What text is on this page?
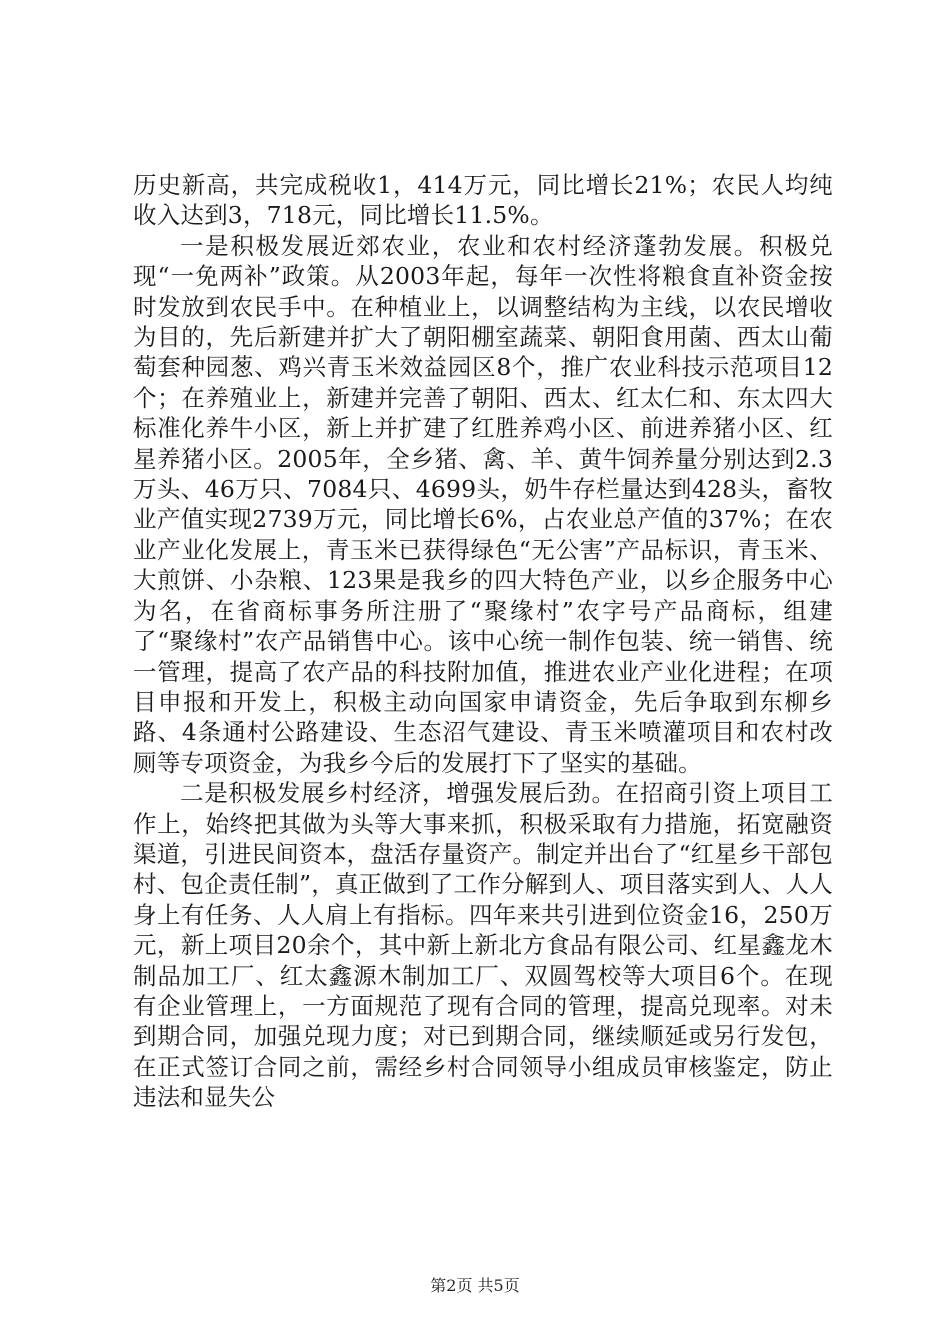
历史新高，共完成税收1，414万元，同比增长21%；农民人均纯收入达到3，718元，同比增长11.5%。

一是积极发展近郊农业，农业和农村经济蓬勃发展。积极兑现“一免两补”政策。从2003年起，每年一次性将粮食直补资金按时发放到农民手中。在种植业上，以调整结构为主线，以农民增收为目的，先后新建并扩大了朝阳棚室蔬菜、朝阳食用菌、西太山葡萄套种园葱、鸡兴青玉米效益园区8个，推广农业科技示范项目12个；在养殖业上，新建并完善了朝阳、西太、红太仁和、东太四大标准化养牛小区，新上并扩建了红胜养鸡小区、前进养猪小区、红星养猪小区。2005年，全乡猪、禽、羊、黄牛饲养量分别达到2.3万头、46万只、7084只、4699头，奶牛存栏量达到428头，畜牧业产值实现2739万元，同比增长6%，占农业总产值的37%；在农业产业化发展上，青玉米已获得绿色“无公害”产品标识，青玉米、大煎饼、小杂粮、123果是我乡的四大特色产业，以乡企服务中心为名，在省商标事务所注册了“聚缘村”农字号产品商标，组建了“聚缘村”农产品销售中心。该中心统一制作包装、统一销售、统一管理，提高了农产品的科技附加值，推进农业产业化进程；在项目申报和开发上，积极主动向国家申请资金，先后争取到东柳乡路、4条通村公路建设、生态沼气建设、青玉米喷灌项目和农村改厕等专项资金，为我乡今后的发展打下了坚实的基础。

二是积极发展乡村经济，增强发展后劲。在招商引资上项目工作上，始终把其做为头等大事来抓，积极采取有力措施，拓宽融资渠道，引进民间资本，盘活存量资产。制定并出台了“红星乡干部包村、包企责任制”，真正做到了工作分解到人、项目落实到人、人人身上有任务、人人肩上有指标。四年来共引进到位资金16，250万元，新上项目20余个，其中新上新北方食品有限公司、红星鑫龙木制品加工厂、红太鑫源木制加工厂、双圆驾校等大项目6个。在现有企业管理上，一方面规范了现有合同的管理，提高兑现率。对未到期合同，加强兑现力度；对已到期合同，继续顺延或另行发包，在正式签订合同之前，需经乡村合同领导小组成员审核鉴定，防止违法和显失公

第2页 共5页
